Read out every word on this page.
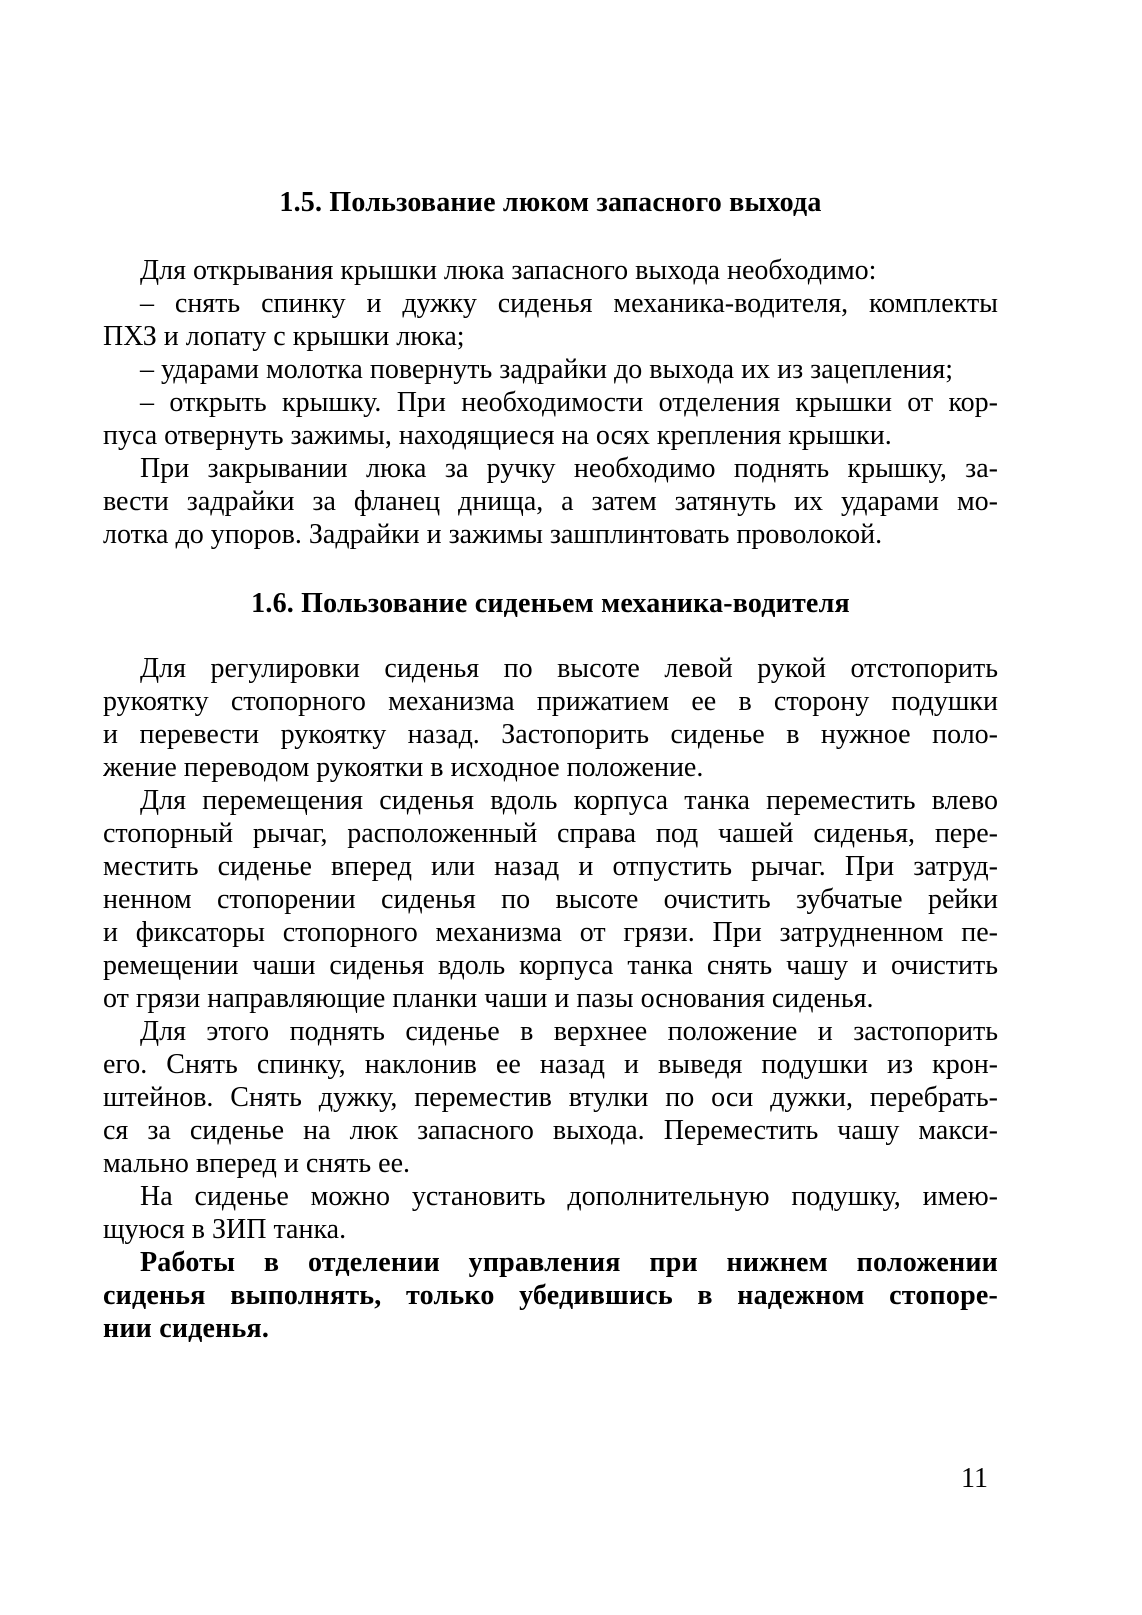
1.5. Пользование люком запасного выхода
Для открывания крышки люка запасного выхода необходимо:
– снять спинку и дужку сиденья механика-водителя, комплекты
ПХЗ и лопату с крышки люка;
– ударами молотка повернуть задрайки до выхода их из зацепления;
– открыть крышку. При необходимости отделения крышки от кор-
пуса отвернуть зажимы, находящиеся на осях крепления крышки.
При закрывании люка за ручку необходимо поднять крышку, за-
вести задрайки за фланец днища, а затем затянуть их ударами мо-
лотка до упоров. Задрайки и зажимы зашплинтовать проволокой.
1.6. Пользование сиденьем механика-водителя
Для регулировки сиденья по высоте левой рукой отстопорить
рукоятку стопорного механизма прижатием ее в сторону подушки
и перевести рукоятку назад. Застопорить сиденье в нужное поло-
жение переводом рукоятки в исходное положение.
Для перемещения сиденья вдоль корпуса танка переместить влево
стопорный рычаг, расположенный справа под чашей сиденья, пере-
местить сиденье вперед или назад и отпустить рычаг. При затруд-
ненном стопорении сиденья по высоте очистить зубчатые рейки
и фиксаторы стопорного механизма от грязи. При затрудненном пе-
ремещении чаши сиденья вдоль корпуса танка снять чашу и очистить
от грязи направляющие планки чаши и пазы основания сиденья.
Для этого поднять сиденье в верхнее положение и застопорить
его. Снять спинку, наклонив ее назад и выведя подушки из крон-
штейнов. Снять дужку, переместив втулки по оси дужки, перебрать-
ся за сиденье на люк запасного выхода. Переместить чашу макси-
мально вперед и снять ее.
На сиденье можно установить дополнительную подушку, имею-
щуюся в ЗИП танка.
Работы в отделении управления при нижнем положении
сиденья выполнять, только убедившись в надежном стопоре-
нии сиденья.
11
